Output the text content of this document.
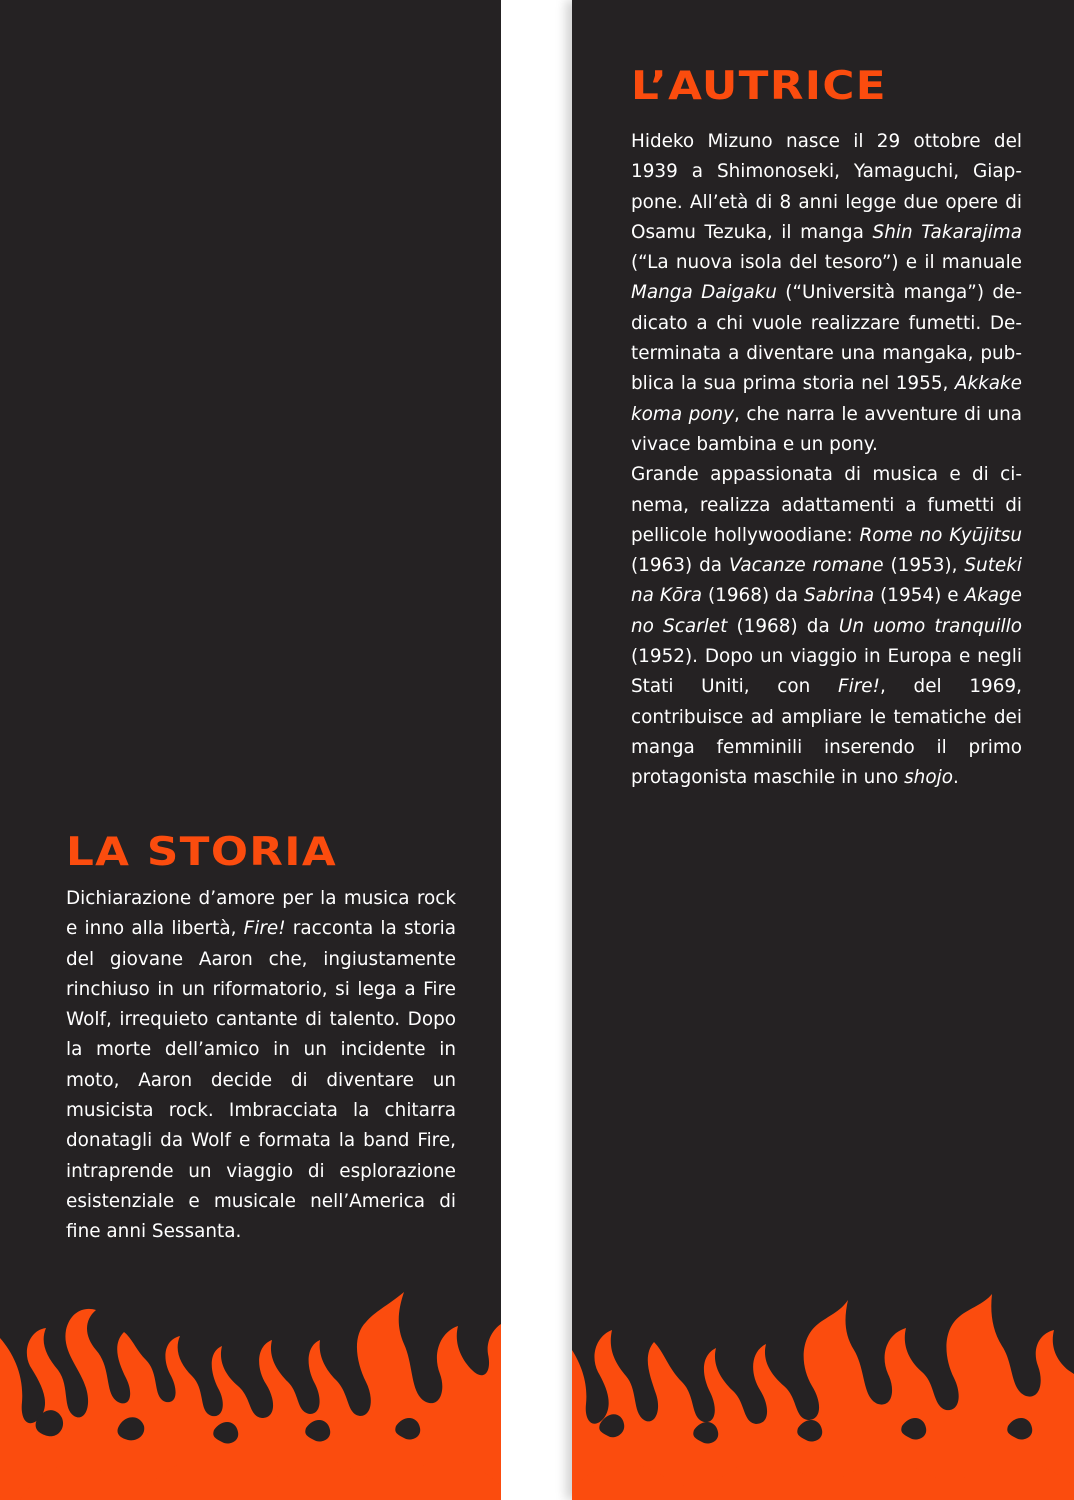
LA STORIA

Dichiarazione d’amore per la musica rock e inno alla libertà, Fire! racconta la storia del giovane Aaron che, ingiustamente rinchiuso in un riformatorio, si lega a Fire Wolf, irrequieto cantante di talento. Dopo la morte dell’amico in un incidente in moto, Aaron decide di diventare un musicista rock. Imbracciata la chitarra donatagli da Wolf e formata la band Fire, intraprende un viaggio di esplorazione esistenziale e musicale nell’America di fine anni Sessanta.

L’AUTRICE

Hideko Mizuno nasce il 29 ottobre del 1939 a Shimonoseki, Yamaguchi, Giappone. All’età di 8 anni legge due opere di Osamu Tezuka, il manga Shin Takarajima (“La nuova isola del tesoro”) e il manuale Manga Daigaku (“Università manga”) dedicato a chi vuole realizzare fumetti. Determinata a diventare una mangaka, pubblica la sua prima storia nel 1955, Akkake koma pony, che narra le avventure di una vivace bambina e un pony.

Grande appassionata di musica e di cinema, realizza adattamenti a fumetti di pellicole hollywoodiane: Rome no Kyūjitsu (1963) da Vacanze romane (1953), Suteki na Kōra (1968) da Sabrina (1954) e Akage no Scarlet (1968) da Un uomo tranquillo (1952). Dopo un viaggio in Europa e negli Stati Uniti, con Fire!, del 1969, contribuisce ad ampliare le tematiche dei manga femminili inserendo il primo protagonista maschile in uno shojo.
